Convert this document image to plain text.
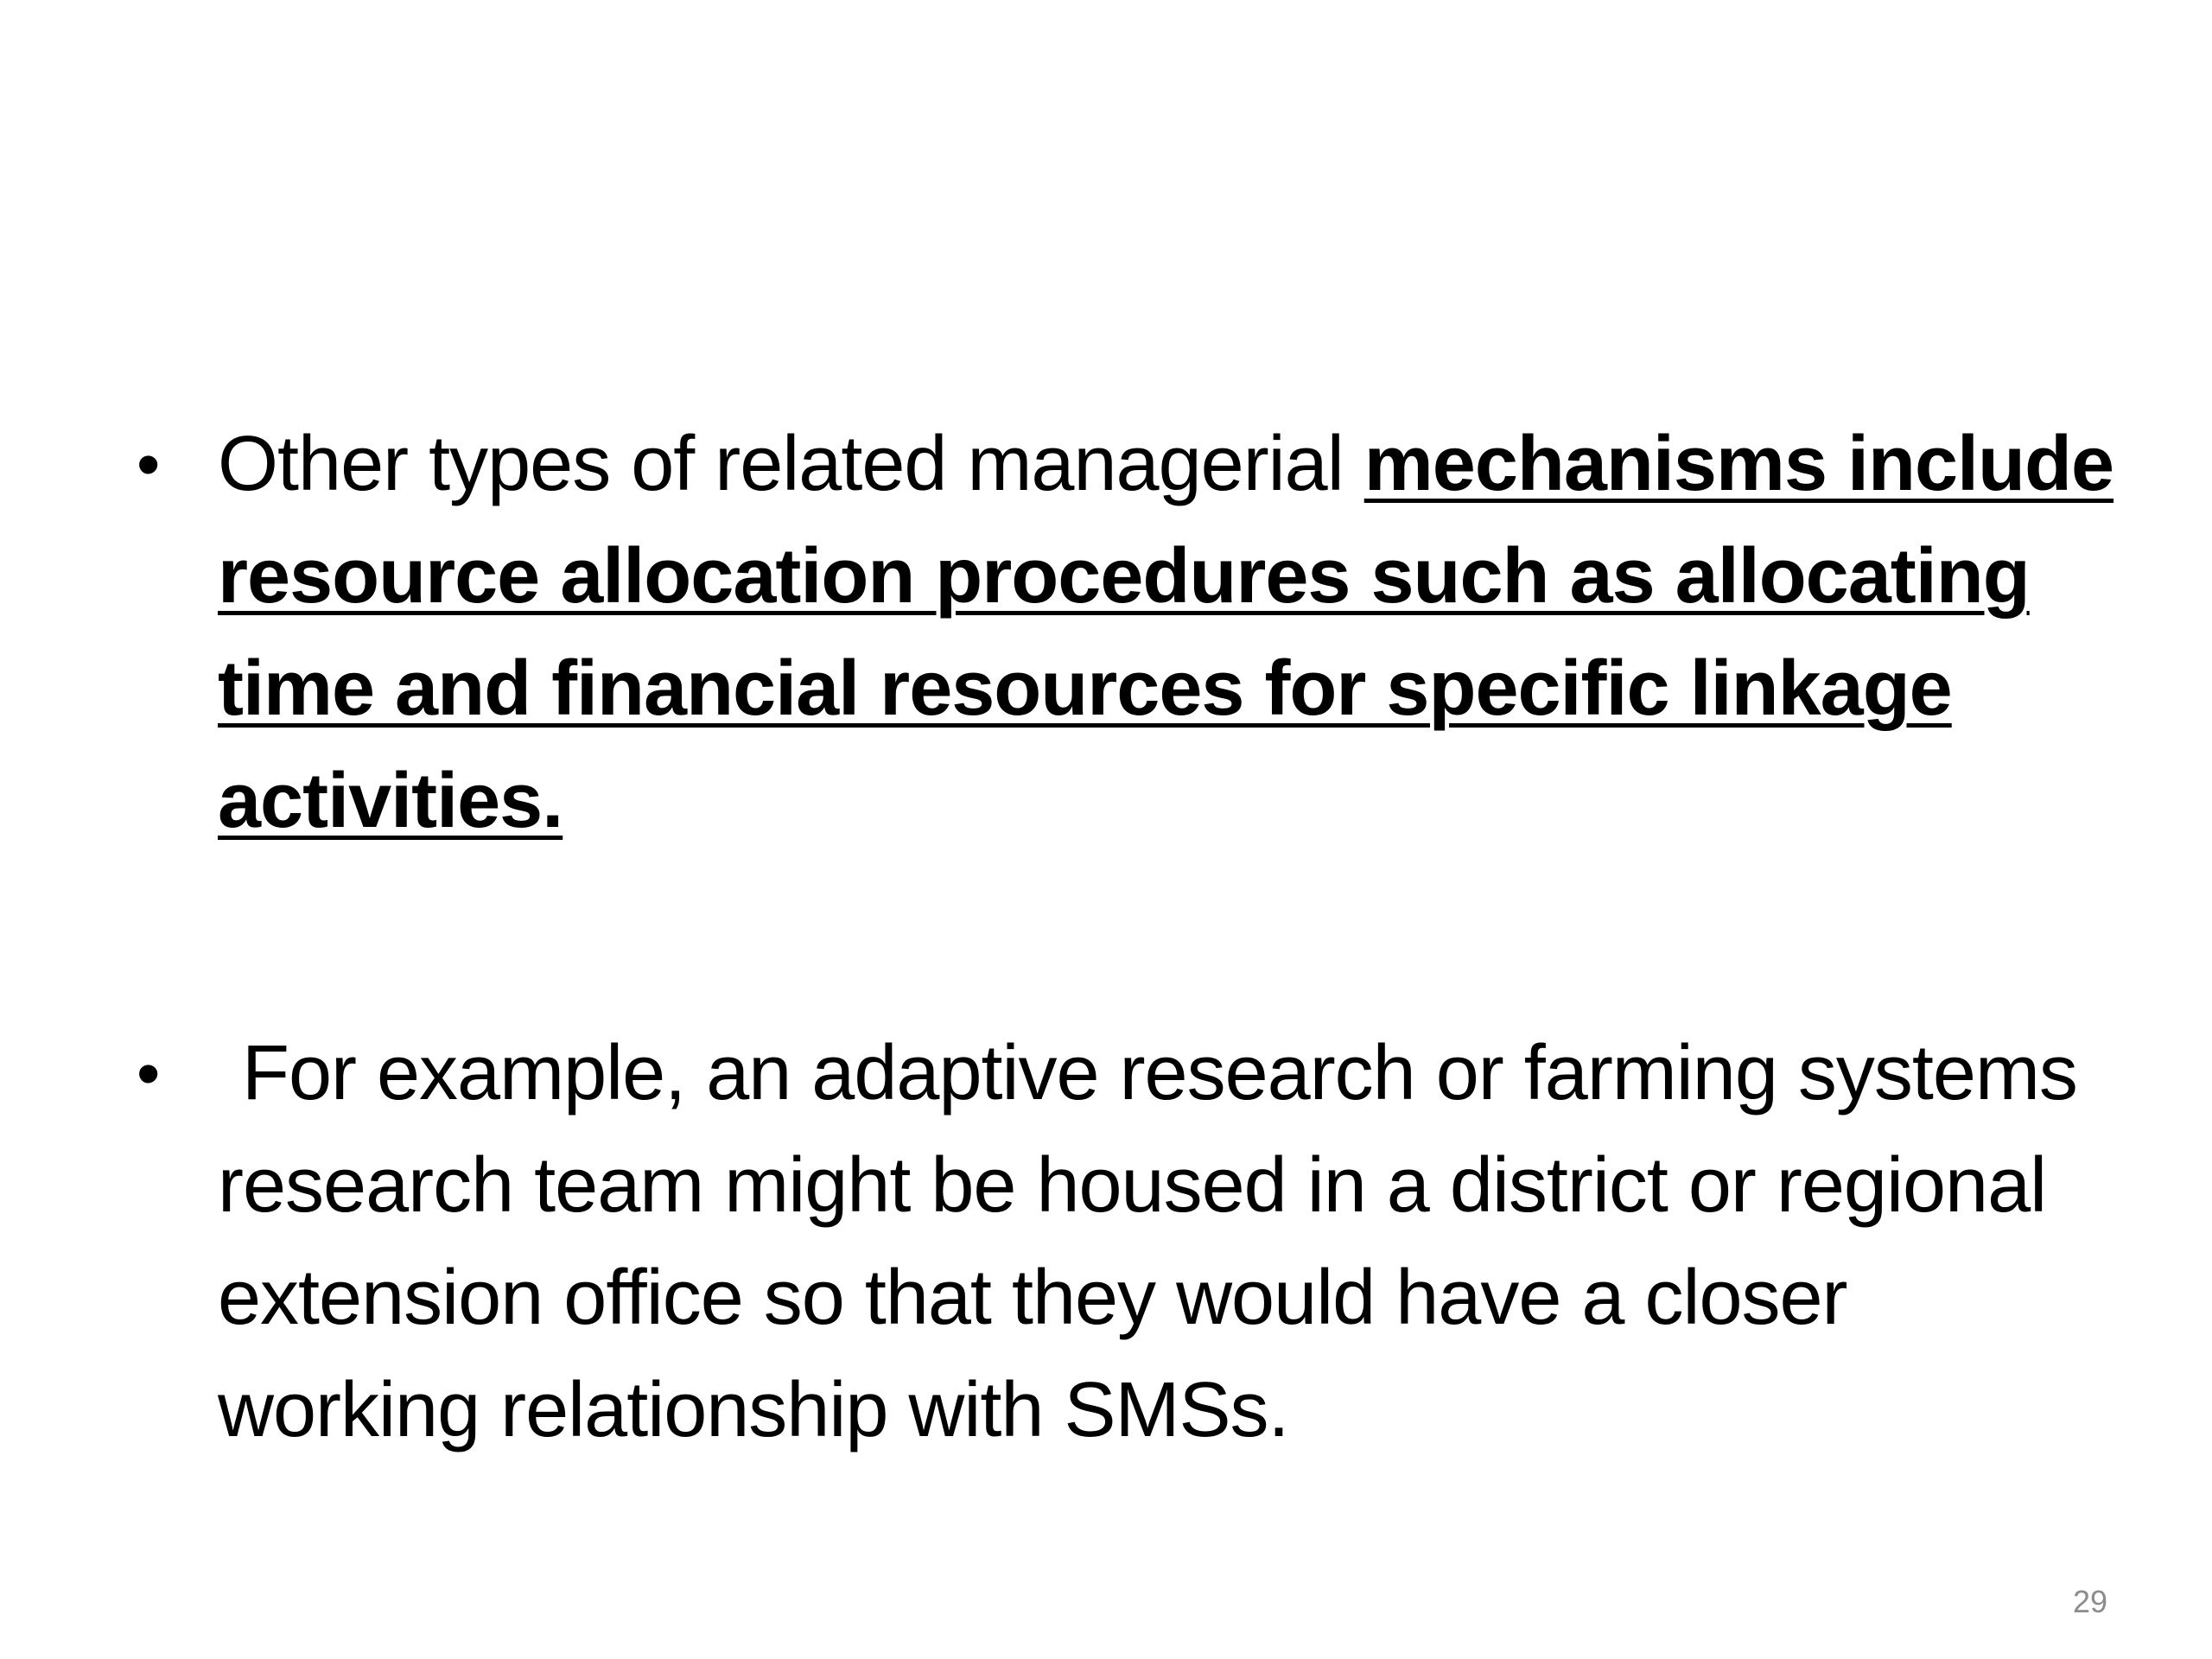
• Other types of related managerial mechanisms include resource allocation procedures such as allocating time and financial resources for specific linkage activities.
• For example, an adaptive research or farming systems research team might be housed in a district or regional extension office so that they would have a closer working relationship with SMSs.
29
